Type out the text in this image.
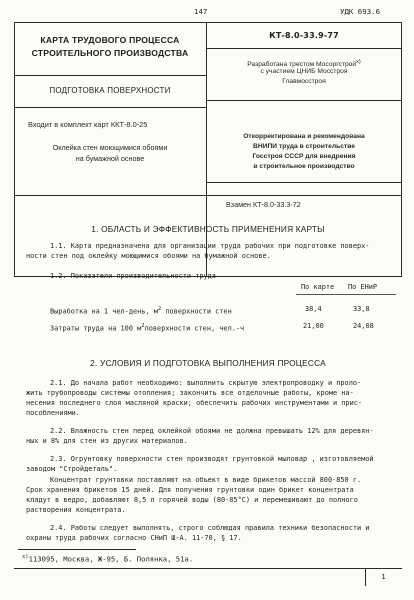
147	УДК 693.6
КАРТА ТРУДОВОГО ПРОЦЕССА
СТРОИТЕЛЬНОГО ПРОИЗВОДСТВА
ПОДГОТОВКА ПОВЕРХНОСТИ
Входит в комплект карт ККТ-8.0-25
Оклейка стен моющимися обоями
на бумажной основе
КТ-8.0-33.9-77
Разработана трестом Мосоргстрой$^{x)}$
с участием ЦНИБ Мосстроя
Главмосстроя
Откорректирована и рекомендована
ВНИПИ труда в строительстве
Госстроя СССР для внедрения
в строительное производство
Взамен КТ-8.0-33.3-72
1. ОБЛАСТЬ И ЭФФЕКТИВНОСТЬ ПРИМЕНЕНИЯ КАРТЫ
1.1. Карта предназначена для организации труда рабочих при подготовке поверх-
ности стен под оклейку моющимися обоями на бумажной основе.
1.2. Показатели производительности труда
По карте По ЕНиР
Выработка на 1 чел-день, $м^2$ поверхности стен	38,4	33,8
Затраты труда на 100 $м^2поверхности$ стен, чел.-ч	21,00	24,08
2. УСЛОВИЯ И ПОДГОТОВКА ВЫПОЛНЕНИЯ ПРОЦЕССА
2.1. До начала работ необходимо: выполнить скрытую электропроводку и проло-
жить трубопроводы системы отопления; закончить все отделочные работы, кроме на-
несения последнего слоя масляной краски; обеспечить рабочих инструментами и прис-
пособлениями.
2.2. Влажность стен перед оклейкой обоями не должна превышать 12% для деревян-
ных и 8% для стен из других материалов.
2.3. Огрунтовку поверхности стен производят грунтовкой мыловар , изготовляемой
заводом "Стройдеталь".
Концентрат грунтовки поставляют на объект в виде брикетов массой 800-850 г.
Срок хранения брикетов 15 дней. Для получения грунтовки один брикет концентрата
кладут в ведро, добавляют 8,5 л горячей воды (80-85°С) и перемешивают до полного
растворения концентрата.
2.4. Работы следует выполнять, строго соблюдая правила техники безопасности и
охраны труда рабочих согласно СНиП Ш-А. 11-70, § 17.
$^{x)}$113095, Москва, Ж-95, Б. Полянка, 51а.
1
